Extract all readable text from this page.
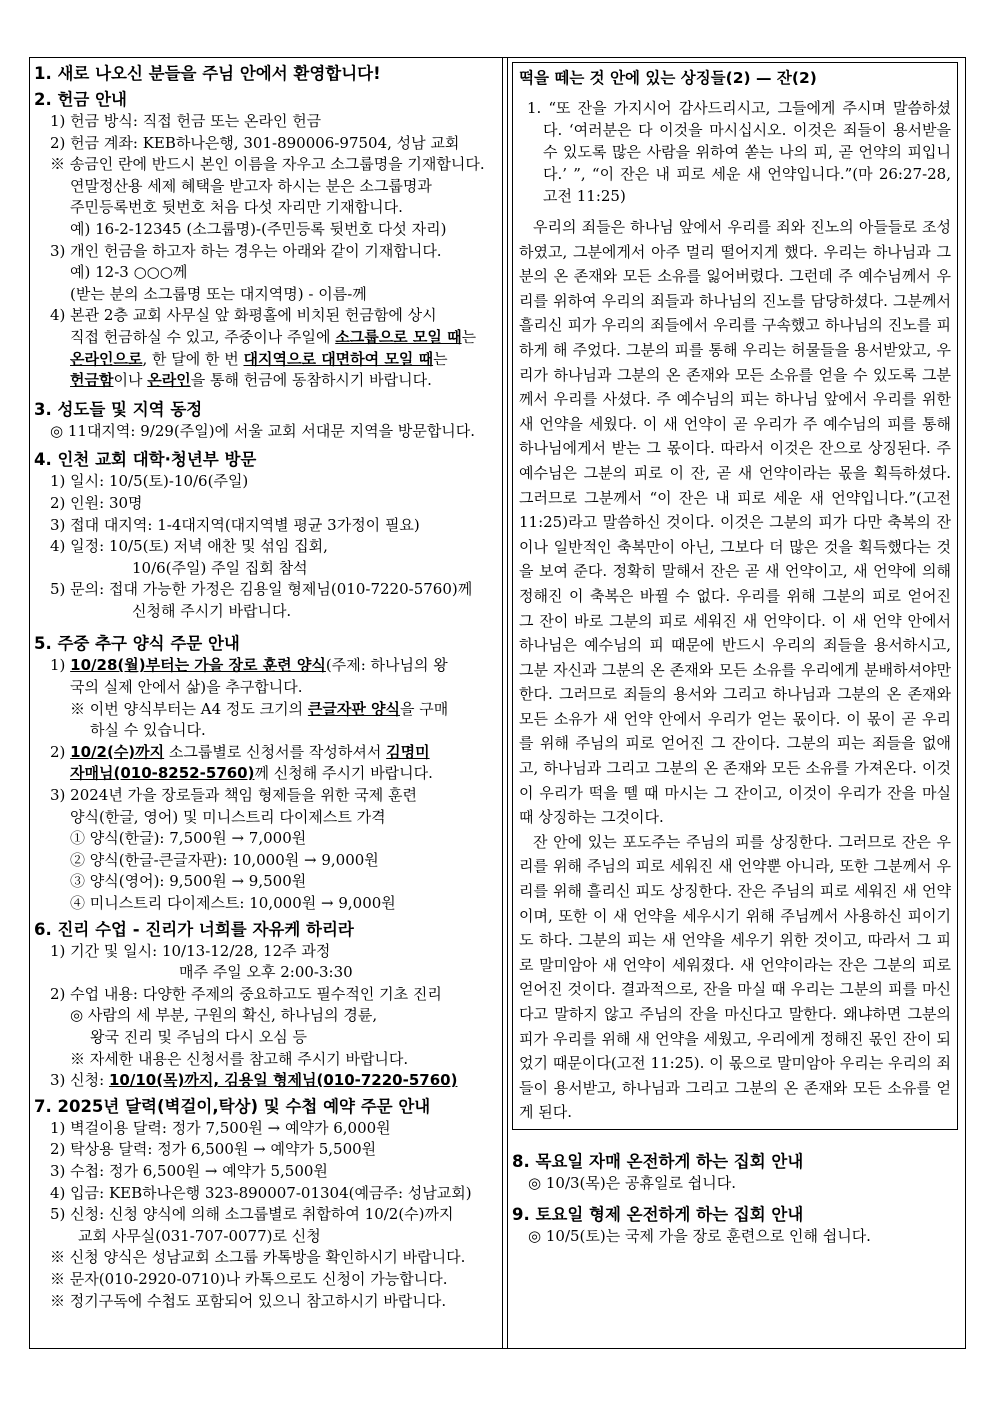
1. 새로 나오신 분들을 주님 안에서 환영합니다!
2. 헌금 안내
1) 헌금 방식: 직접 헌금 또는 온라인 헌금
2) 헌금 계좌: KEB하나은행, 301-890006-97504, 성남 교회
※ 송금인 란에 반드시 본인 이름을 자우고 소그룹명을 기재합니다.
연말정산용 세제 혜택을 받고자 하시는 분은 소그룹명과
주민등록번호 뒷번호 처음 다섯 자리만 기재합니다.
예) 16-2-12345 (소그룹명)-(주민등록 뒷번호 다섯 자리)
3) 개인 헌금을 하고자 하는 경우는 아래와 같이 기재합니다.
예) 12-3 ○○○께
(받는 분의 소그룹명 또는 대지역명) - 이름-께
4) 본관 2층 교회 사무실 앞 화평홀에 비치된 헌금함에 상시
직접 헌금하실 수 있고, 주중이나 주일에 소그룹으로 모일 때는
온라인으로, 한 달에 한 번 대지역으로 대면하여 모일 때는
헌금함이나 온라인을 통해 헌금에 동참하시기 바랍니다.
3. 성도들 및 지역 동정
◎ 11대지역: 9/29(주일)에 서울 교회 서대문 지역을 방문합니다.
4. 인천 교회 대학·청년부 방문
1) 일시: 10/5(토)-10/6(주일)
2) 인원: 30명
3) 접대 대지역: 1-4대지역(대지역별 평균 3가정이 필요)
4) 일정: 10/5(토) 저녁 애찬 및 섞임 집회,
10/6(주일) 주일 집회 참석
5) 문의: 접대 가능한 가정은 김용일 형제님(010-7220-5760)께
신청해 주시기 바랍니다.
5. 주중 추구 양식 주문 안내
1) 10/28(월)부터는 가을 장로 훈련 양식(주제: 하나님의 왕
국의 실제 안에서 삶)을 추구합니다.
※ 이번 양식부터는 A4 정도 크기의 큰글자판 양식을 구매
하실 수 있습니다.
2) 10/2(수)까지 소그룹별로 신청서를 작성하셔서 김명미
자매님(010-8252-5760)께 신청해 주시기 바랍니다.
3) 2024년 가을 장로들과 책임 형제들을 위한 국제 훈련
양식(한글, 영어) 및 미니스트리 다이제스트 가격
① 양식(한글): 7,500원 → 7,000원
② 양식(한글-큰글자판): 10,000원 → 9,000원
③ 양식(영어): 9,500원 → 9,500원
④ 미니스트리 다이제스트: 10,000원 → 9,000원
6. 진리 수업 - 진리가 너희를 자유케 하리라
1) 기간 및 일시: 10/13-12/28, 12주 과정
매주 주일 오후 2:00-3:30
2) 수업 내용: 다양한 주제의 중요하고도 필수적인 기초 진리
◎ 사람의 세 부분, 구원의 확신, 하나님의 경륜,
왕국 진리 및 주님의 다시 오심 등
※ 자세한 내용은 신청서를 참고해 주시기 바랍니다.
3) 신청: 10/10(목)까지, 김용일 형제님(010-7220-5760)
7. 2025년 달력(벽걸이,탁상) 및 수첩 예약 주문 안내
1) 벽걸이용 달력: 정가 7,500원 → 예약가 6,000원
2) 탁상용 달력: 정가 6,500원 → 예약가 5,500원
3) 수첩: 정가 6,500원 → 예약가 5,500원
4) 입금: KEB하나은행 323-890007-01304(예금주: 성남교회)
5) 신청: 신청 양식에 의해 소그룹별로 취합하여 10/2(수)까지
교회 사무실(031-707-0077)로 신청
※ 신청 양식은 성남교회 소그룹 카톡방을 확인하시기 바랍니다.
※ 문자(010-2920-0710)나 카톡으로도 신청이 가능합니다.
※ 정기구독에 수첩도 포함되어 있으니 참고하시기 바랍니다.
떡을 떼는 것 안에 있는 상징들(2) — 잔(2)
1. “또 잔을 가지시어 감사드리시고, 그들에게 주시며 말씀하셨다. ‘여러분은 다 이것을 마시십시오. 이것은 죄들이 용서받을 수 있도록 많은 사람을 위하여 쏟는 나의 피, 곧 언약의 피입니다.’ ”, “이 잔은 내 피로 세운 새 언약입니다.”(마 26:27-28, 고전 11:25)
우리의 죄들은 하나님 앞에서 우리를 죄와 진노의 아들들로 조성하였고, 그분에게서 아주 멀리 떨어지게 했다. 우리는 하나님과 그분의 온 존재와 모든 소유를 잃어버렸다. 그런데 주 예수님께서 우리를 위하여 우리의 죄들과 하나님의 진노를 담당하셨다. 그분께서 흘리신 피가 우리의 죄들에서 우리를 구속했고 하나님의 진노를 피하게 해 주었다. 그분의 피를 통해 우리는 허물들을 용서받았고, 우리가 하나님과 그분의 온 존재와 모든 소유를 얻을 수 있도록 그분께서 우리를 사셨다. 주 예수님의 피는 하나님 앞에서 우리를 위한 새 언약을 세웠다. 이 새 언약이 곧 우리가 주 예수님의 피를 통해 하나님에게서 받는 그 몫이다. 따라서 이것은 잔으로 상징된다. 주 예수님은 그분의 피로 이 잔, 곧 새 언약이라는 몫을 획득하셨다. 그러므로 그분께서 “이 잔은 내 피로 세운 새 언약입니다.”(고전 11:25)라고 말씀하신 것이다. 이것은 그분의 피가 다만 축복의 잔이나 일반적인 축복만이 아닌, 그보다 더 많은 것을 획득했다는 것을 보여 준다. 정확히 말해서 잔은 곧 새 언약이고, 새 언약에 의해 정해진 이 축복은 바뀔 수 없다. 우리를 위해 그분의 피로 얻어진 그 잔이 바로 그분의 피로 세워진 새 언약이다. 이 새 언약 안에서 하나님은 예수님의 피 때문에 반드시 우리의 죄들을 용서하시고, 그분 자신과 그분의 온 존재와 모든 소유를 우리에게 분배하셔야만 한다. 그러므로 죄들의 용서와 그리고 하나님과 그분의 온 존재와 모든 소유가 새 언약 안에서 우리가 얻는 몫이다. 이 몫이 곧 우리를 위해 주님의 피로 얻어진 그 잔이다. 그분의 피는 죄들을 없애고, 하나님과 그리고 그분의 온 존재와 모든 소유를 가져온다. 이것이 우리가 떡을 뗄 때 마시는 그 잔이고, 이것이 우리가 잔을 마실 때 상징하는 그것이다.
잔 안에 있는 포도주는 주님의 피를 상징한다. 그러므로 잔은 우리를 위해 주님의 피로 세워진 새 언약뿐 아니라, 또한 그분께서 우리를 위해 흘리신 피도 상징한다. 잔은 주님의 피로 세워진 새 언약이며, 또한 이 새 언약을 세우시기 위해 주님께서 사용하신 피이기도 하다. 그분의 피는 새 언약을 세우기 위한 것이고, 따라서 그 피로 말미암아 새 언약이 세워졌다. 새 언약이라는 잔은 그분의 피로 얻어진 것이다. 결과적으로, 잔을 마실 때 우리는 그분의 피를 마신다고 말하지 않고 주님의 잔을 마신다고 말한다. 왜냐하면 그분의 피가 우리를 위해 새 언약을 세웠고, 우리에게 정해진 몫인 잔이 되었기 때문이다(고전 11:25). 이 몫으로 말미암아 우리는 우리의 죄들이 용서받고, 하나님과 그리고 그분의 온 존재와 모든 소유를 얻게 된다.
8. 목요일 자매 온전하게 하는 집회 안내
◎ 10/3(목)은 공휴일로 쉽니다.
9. 토요일 형제 온전하게 하는 집회 안내
◎ 10/5(토)는 국제 가을 장로 훈련으로 인해 쉽니다.
